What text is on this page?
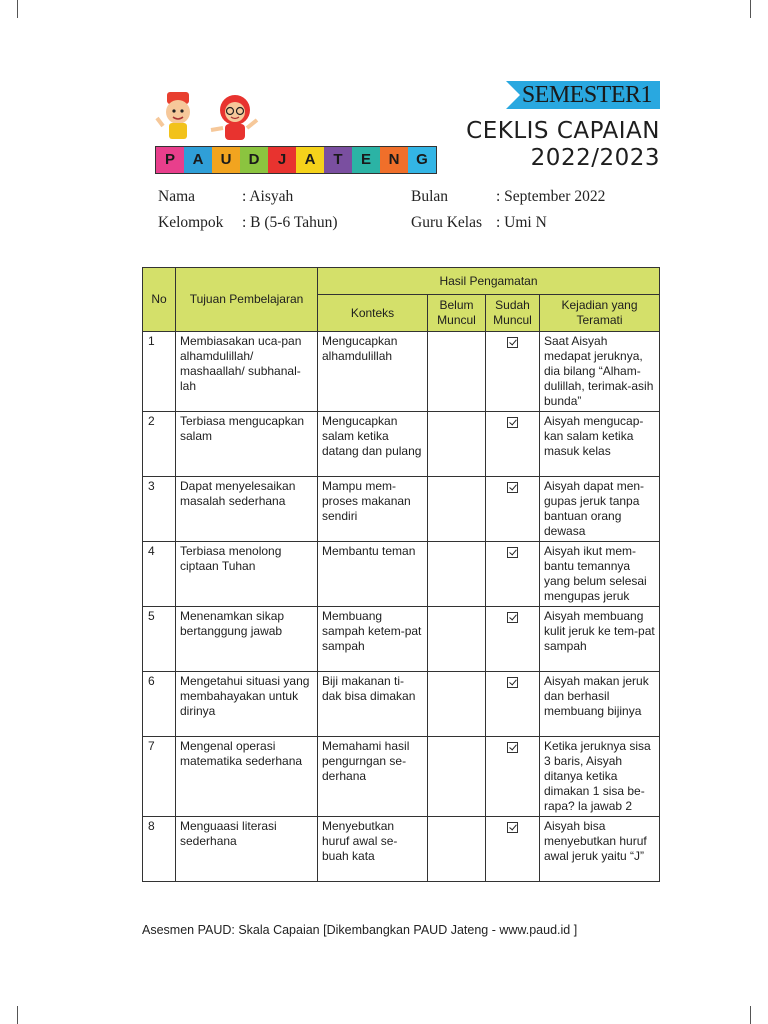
SEMESTER1
CEKLIS CAPAIAN
2022/2023
P	A	U	D	J	A	T	E	N	G
Nama	: Aisyah
Kelompok : B (5-6 Tahun)
Bulan	: September 2022
Guru Kelas : Umi N
No	Tujuan Pembelajaran	Hasil Pengamatan			
		Konteks	Belum Muncul	Sudah Muncul	Kejadian yang Teramati
1	Membiasakan uca-pan alhamdulillah/ mashaallah/ subhanal-lah	Mengucapkan alhamdulillah			Saat Aisyah medapat jeruknya, dia bilang “Alham-dulillah, terimak-asih bunda”
2	Terbiasa mengucapkan salam	Mengucapkan salam ketika datang dan pulang			Aisyah mengucap-kan salam ketika masuk kelas
3	Dapat menyelesaikan masalah sederhana	Mampu mem-proses makanan sendiri			Aisyah dapat men-gupas jeruk tanpa bantuan orang dewasa
4	Terbiasa menolong ciptaan Tuhan	Membantu teman			Aisyah ikut mem-bantu temannya yang belum selesai mengupas jeruk
5	Menenamkan sikap bertanggung jawab	Membuang sampah ketem-pat sampah			Aisyah membuang kulit jeruk ke tem-pat sampah
6	Mengetahui situasi yang membahayakan untuk dirinya	Biji makanan ti-dak bisa dimakan			Aisyah makan jeruk dan berhasil membuang bijinya
7	Mengenal operasi matematika sederhana	Memahami hasil pengurngan se-derhana			Ketika jeruknya sisa 3 baris, Aisyah ditanya ketika dimakan 1 sisa be-rapa? la jawab 2
8	Menguaasi literasi sederhana	Menyebutkan huruf awal se-buah kata			Aisyah bisa menyebutkan huruf awal jeruk yaitu “J”
Asesmen PAUD: Skala Capaian [Dikembangkan PAUD Jateng - www.paud.id ]
